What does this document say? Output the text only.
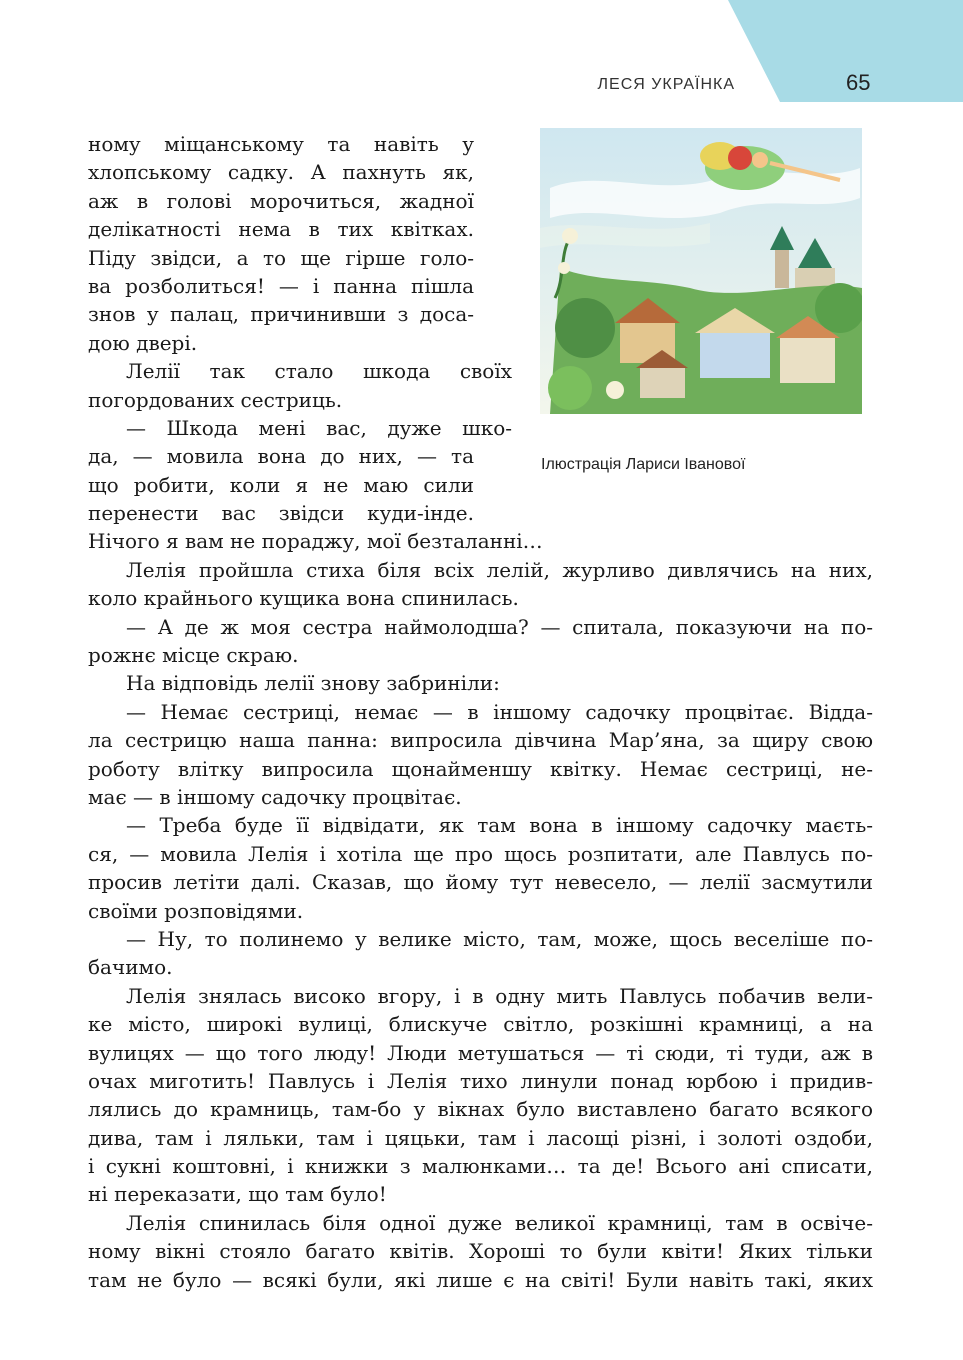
ЛЕСЯ УКРАЇНКА	65
Ілюстрація Лариси Іванової
ному міщанському та навіть у
хлопському садку. А пахнуть як,
аж в голові морочиться, жадної
делікатності нема в тих квітках.
Піду звідси, а то ще гірше голо-
ва розболиться! — і панна пішла
знов у палац, причинивши з доса-
дою двері.
Лелії так стало шкода своїх
погордованих сестриць.
— Шкода мені вас, дуже шко-
да, — мовила вона до них, — та
що робити, коли я не маю сили
перенести вас звідси куди-інде.
Нічого я вам не пораджу, мої безталанні…
Лелія пройшла стиха біля всіх лелій, журливо дивлячись на них,
коло крайнього кущика вона спинилась.
— А де ж моя сестра наймолодша? — спитала, показуючи на по-
рожнє місце скраю.
На відповідь лелії знову забриніли:
— Немає сестриці, немає — в іншому садочку процвітає. Відда-
ла сестрицю наша панна: випросила дівчина Мар’яна, за щиру свою
роботу влітку випросила щонайменшу квітку. Немає сестриці, не-
має — в іншому садочку процвітає.
— Треба буде її відвідати, як там вона в іншому садочку маєть-
ся, — мовила Лелія і хотіла ще про щось розпитати, але Павлусь по-
просив летіти далі. Сказав, що йому тут невесело, — лелії засмутили
своїми розповідями.
— Ну, то полинемо у велике місто, там, може, щось веселіше по-
бачимо.
Лелія знялась високо вгору, і в одну мить Павлусь побачив вели-
ке місто, широкі вулиці, блискуче світло, розкішні крамниці, а на
вулицях — що того люду! Люди метушаться — ті сюди, ті туди, аж в
очах миготить! Павлусь і Лелія тихо линули понад юрбою і придив-
лялись до крамниць, там-бо у вікнах було виставлено багато всякого
дива, там і ляльки, там і цяцьки, там і ласощі різні, і золоті оздоби,
і сукні коштовні, і книжки з малюнками… та де! Всього ані списати,
ні переказати, що там було!
Лелія спинилась біля одної дуже великої крамниці, там в освіче-
ному вікні стояло багато квітів. Хороші то були квіти! Яких тільки
там не було — всякі були, які лише є на світі! Були навіть такі, яких
